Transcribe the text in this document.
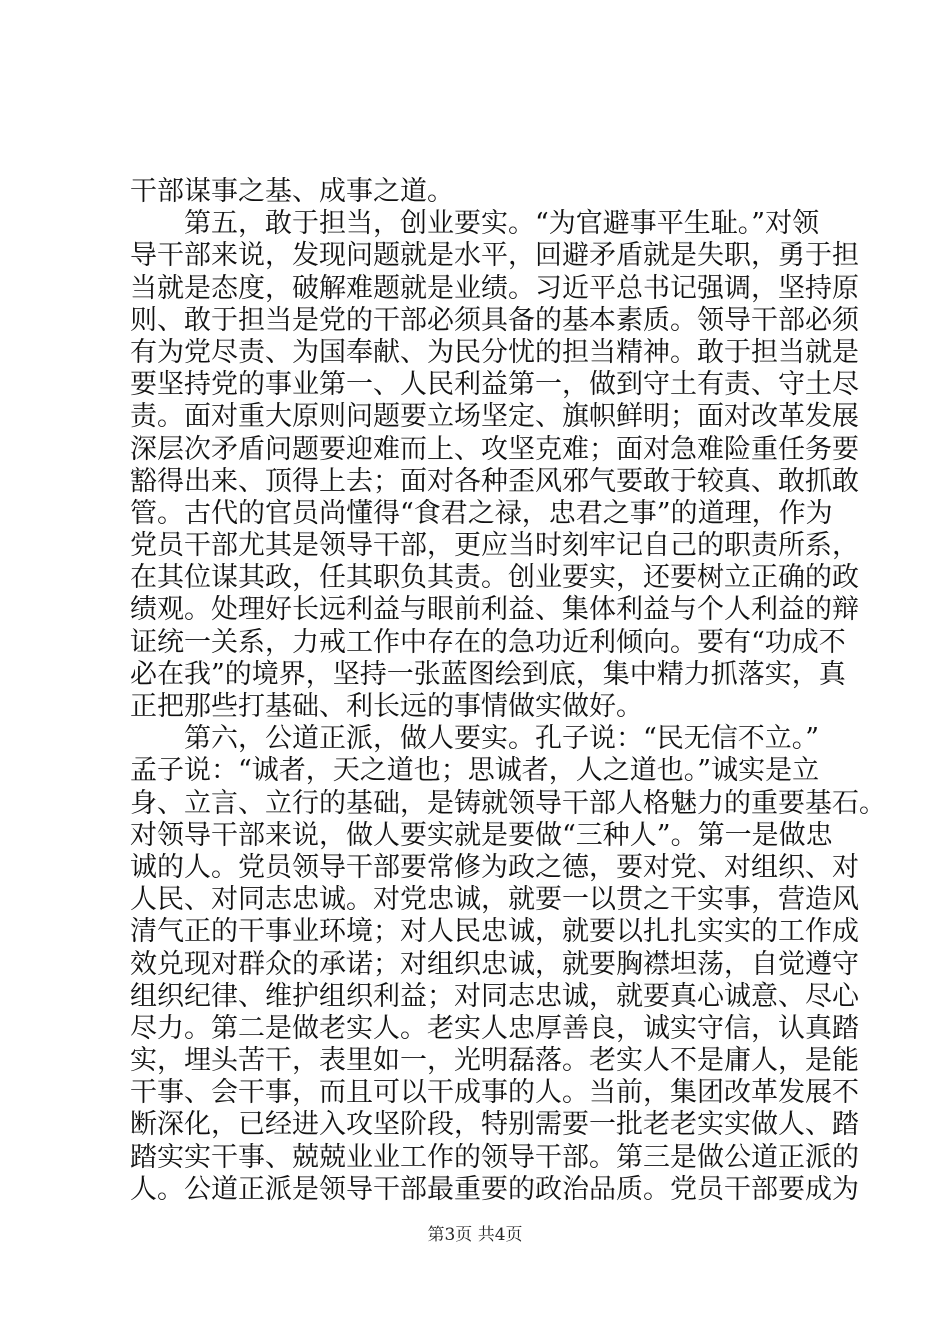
干部谋事之基、成事之道。
第五，敢于担当，创业要实。“为官避事平生耻。”对领
导干部来说，发现问题就是水平，回避矛盾就是失职，勇于担
当就是态度，破解难题就是业绩。习近平总书记强调，坚持原
则、敢于担当是党的干部必须具备的基本素质。领导干部必须
有为党尽责、为国奉献、为民分忧的担当精神。敢于担当就是
要坚持党的事业第一、人民利益第一，做到守土有责、守土尽
责。面对重大原则问题要立场坚定、旗帜鲜明；面对改革发展
深层次矛盾问题要迎难而上、攻坚克难；面对急难险重任务要
豁得出来、顶得上去；面对各种歪风邪气要敢于较真、敢抓敢
管。古代的官员尚懂得“食君之禄，忠君之事”的道理，作为
党员干部尤其是领导干部，更应当时刻牢记自己的职责所系，
在其位谋其政，任其职负其责。创业要实，还要树立正确的政
绩观。处理好长远利益与眼前利益、集体利益与个人利益的辩
证统一关系，力戒工作中存在的急功近利倾向。要有“功成不
必在我”的境界，坚持一张蓝图绘到底，集中精力抓落实，真
正把那些打基础、利长远的事情做实做好。
第六，公道正派，做人要实。孔子说：“民无信不立。”
孟子说：“诚者，天之道也；思诚者，人之道也。”诚实是立
身、立言、立行的基础，是铸就领导干部人格魅力的重要基石。
对领导干部来说，做人要实就是要做“三种人”。第一是做忠
诚的人。党员领导干部要常修为政之德，要对党、对组织、对
人民、对同志忠诚。对党忠诚，就要一以贯之干实事，营造风
清气正的干事业环境；对人民忠诚，就要以扎扎实实的工作成
效兑现对群众的承诺；对组织忠诚，就要胸襟坦荡，自觉遵守
组织纪律、维护组织利益；对同志忠诚，就要真心诚意、尽心
尽力。第二是做老实人。老实人忠厚善良，诚实守信，认真踏
实，埋头苦干，表里如一，光明磊落。老实人不是庸人，是能
干事、会干事，而且可以干成事的人。当前，集团改革发展不
断深化，已经进入攻坚阶段，特别需要一批老老实实做人、踏
踏实实干事、兢兢业业工作的领导干部。第三是做公道正派的
人。公道正派是领导干部最重要的政治品质。党员干部要成为
第3页 共4页
